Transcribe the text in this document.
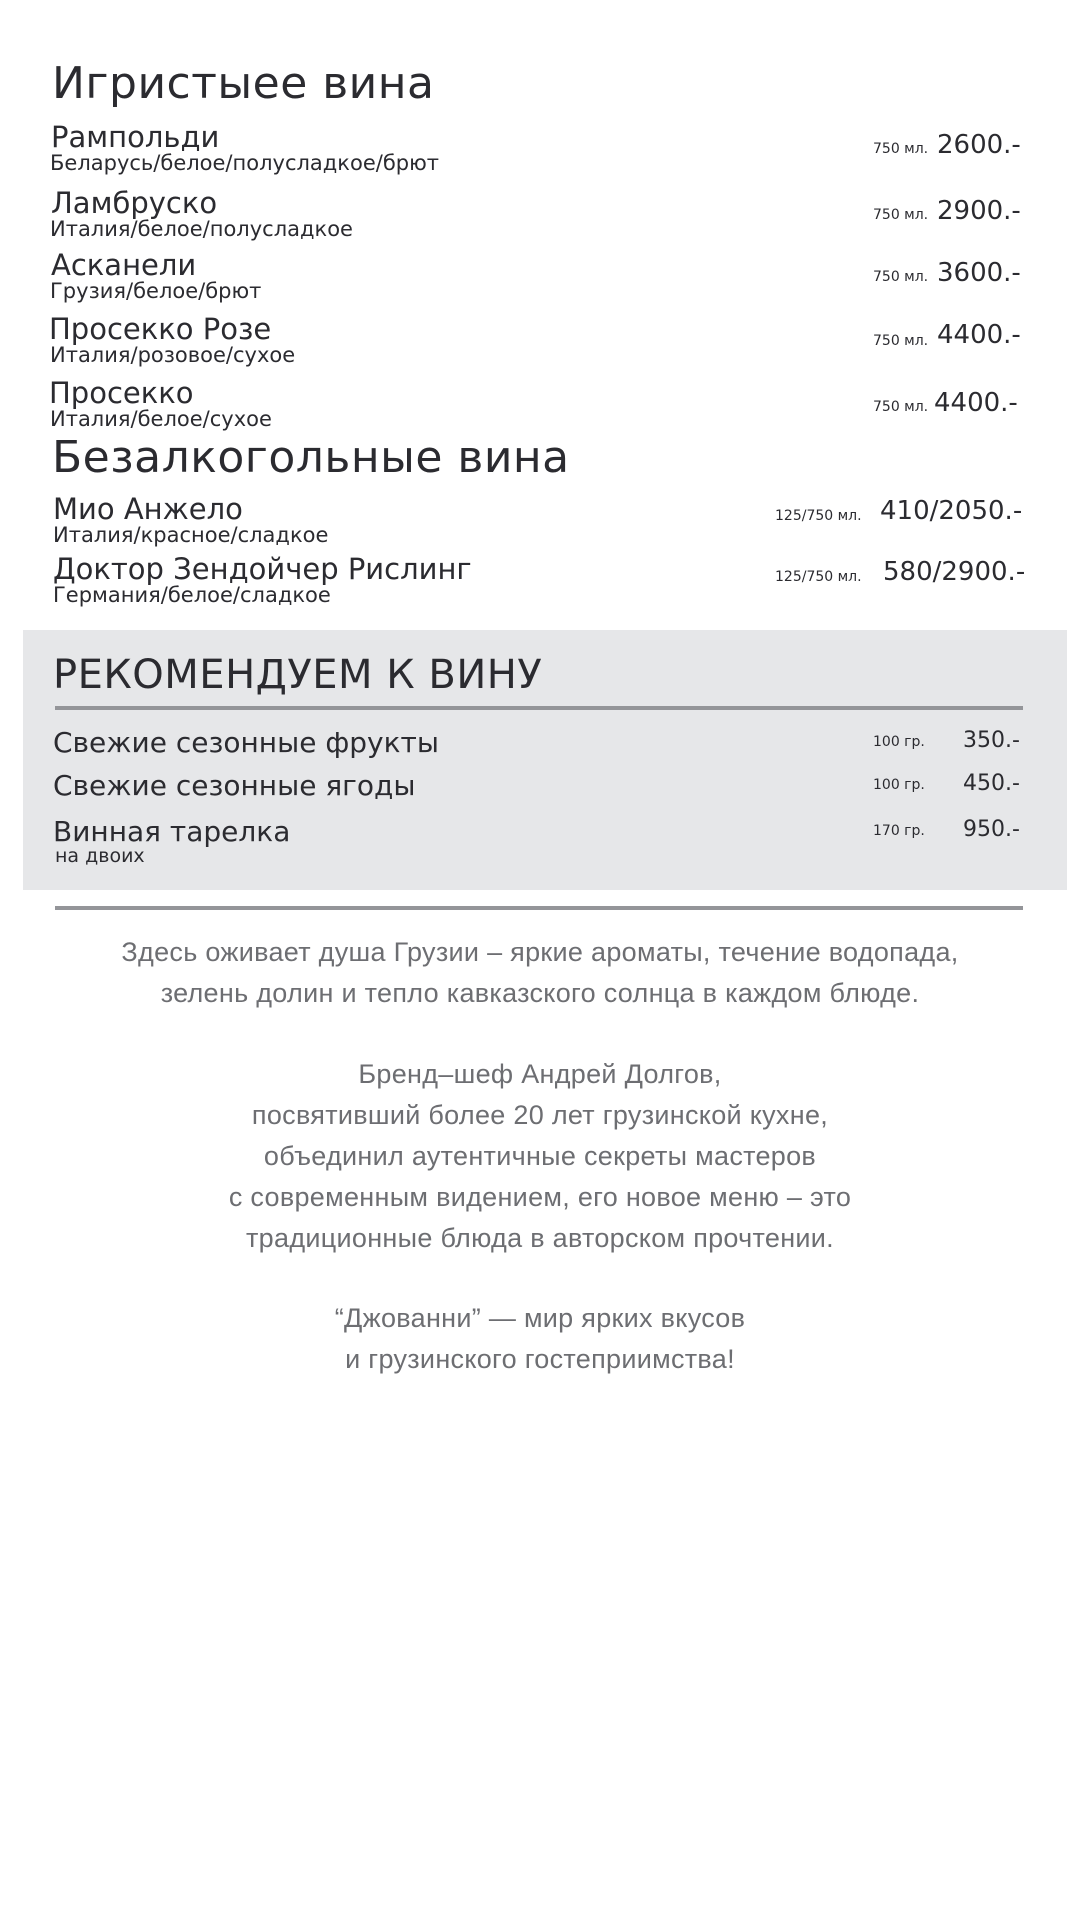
Игристыее вина
Рампольди
Беларусь/белое/полусладкое/брют
750 мл. 2600.-
Ламбруско
Италия/белое/полусладкое
750 мл. 2900.-
Асканели
Грузия/белое/брют
750 мл. 3600.-
Просекко Розе
Италия/розовое/сухое
750 мл. 4400.-
Просекко
Италия/белое/сухое	750 мл. 4400.-
Безалкогольные вина
Мио Анжело
Италия/красное/сладкое
125/750 мл. 410/2050.-
Доктор Зендойчер Рислинг
Германия/белое/сладкое
125/750 мл. 580/2900.-
РЕКОМЕНДУЕМ К ВИНУ
Свежие сезонные фрукты	100 гр. 350.-
Свежие сезонные ягоды	100 гр. 450.-
Винная тарелка
на двоих
170 гр. 950.-
Здесь оживает душа Грузии – яркие ароматы, течение водопада,
зелень долин и тепло кавказского солнца в каждом блюде.
Бренд–шеф Андрей Долгов,
посвятивший более 20 лет грузинской кухне,
объединил аутентичные секреты мастеров
с современным видением, его новое меню – это
традиционные блюда в авторском прочтении.
“Джованни” — мир ярких вкусов
и грузинского гостеприимства!
